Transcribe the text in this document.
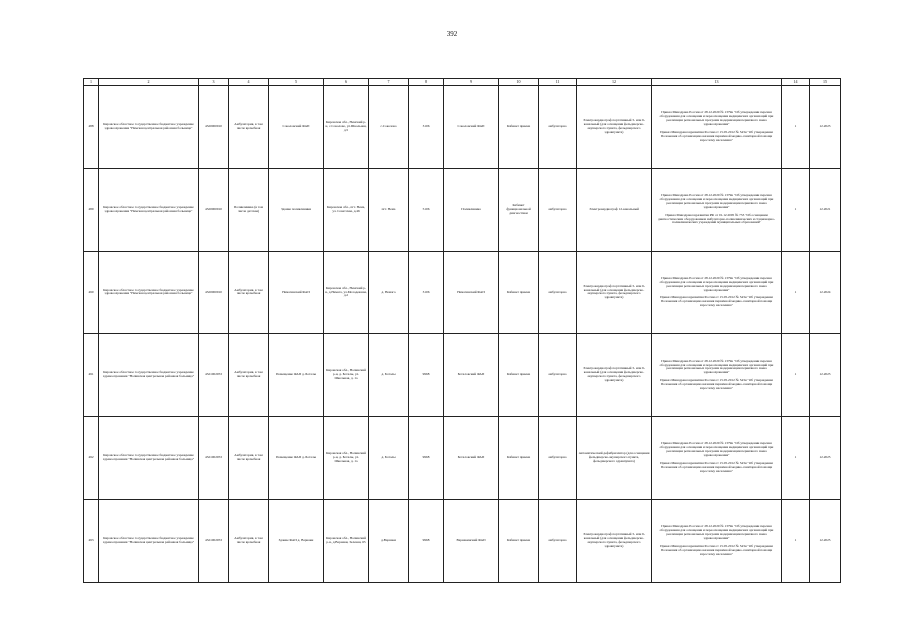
392
1	2	3	4	5	6	7	8	9	10	11	12	13	14	15
488	Кировское областное государственное бюджетное учреждение здравоохранения "Немская центральная районная больница"	4320000910	Амбулатория, в том числе врачебная	Соколовский ФАП	Кировская обл., Немский р-н, с.Соколово, ул.Школьная, д.5	с.Соколово	3106	Соколовский ФАП	Кабинет приема	амбулаторно	Электрокардиограф портативный 3- или 6-канальный (для оснащения фельдшерско-акушерского пункта, фельдшерского здравпункта)	Приказ Минздрава России от 28.12.2020 № 1379н "Об утверждении перечня оборудования для оснащения и переоснащения медицинских организаций при реализации региональных программ модернизации первичного звена здравоохранения"

Приказ Минздравсоцразвития России от 15.05.2012 № 543н "Об утверждении Положения об организации оказания первичной медико-санитарной помощи взрослому населению"	1	12.2023
489	Кировское областное государственное бюджетное учреждение здравоохранения "Немская центральная районная больница"	4320000910	Поликлиника (в том числе детская)	Здание поликлиники	Кировская обл., пгт. Нема, ул. Советская, д.46	пгт. Нема	5106	Поликлиника	Кабинет функциональной диагностики	амбулаторно	Электрокардиограф 12-канальный	Приказ Минздрава России от 28.12.2020 № 1379н "Об утверждении перечня оборудования для оснащения и переоснащения медицинских организаций при реализации региональных программ модернизации первичного звена здравоохранения"

Приказ Минздравсоцразвития РФ от 01.12.2005 № 753 "Об оснащении диагностическим оборудованием амбулаторно-поликлинических и стационарно-поликлинических учреждений муниципальных образований"	1	12.2021
490	Кировское областное государственное бюджетное учреждение здравоохранения "Немская центральная районная больница"	4320000910	Амбулатория, в том числе врачебная	Немагинский ФАП	Кировская обл., Немский р-н, д.Немага, ул.Молодежная, д.2	д. Немага	3106	Немагинский ФАП	Кабинет приема	амбулаторно	Электрокардиограф портативный 3- или 6-канальный (для оснащения фельдшерско-акушерского пункта, фельдшерского здравпункта)	Приказ Минздрава России от 28.12.2020 № 1379н "Об утверждении перечня оборудования для оснащения и переоснащения медицинских организаций при реализации региональных программ модернизации первичного звена здравоохранения"

Приказ Минздравсоцразвития России от 15.05.2012 № 543н "Об утверждении Положения об организации оказания первичной медико-санитарной помощи взрослому населению"	1	12.2024
491	Кировское областное государственное бюджетное учреждение здравоохранения "Нолинская центральная районная больница"	4321002053	Амбулатория, в том числе врачебная	Помещение ФАП д. Боталы	Кировская обл., Нолинский р-н, д. Боталы, ул. Школьная, д. 1а	д. Боталы	9968	Боталовский ФАП	Кабинет приема	амбулаторно	Электрокардиограф портативный 3- или 6-канальный (для оснащения фельдшерско-акушерского пункта, фельдшерского здравпункта)	Приказ Минздрава России от 28.12.2020 № 1379н "Об утверждении перечня оборудования для оснащения и переоснащения медицинских организаций при реализации региональных программ модернизации первичного звена здравоохранения"

Приказ Минздравсоцразвития России от 15.05.2012 № 543н "Об утверждении Положения об организации оказания первичной медико-санитарной помощи взрослому населению"	1	12.2023
492	Кировское областное государственное бюджетное учреждение здравоохранения "Нолинская центральная районная больница"	4321002053	Амбулатория, в том числе врачебная	Помещение ФАП д. Боталы	Кировская обл., Нолинский р-н, д. Боталы, ул. Школьная, д. 1а	д. Боталы	9968	Боталовский ФАП	Кабинет приема	амбулаторно	Автоматический дефибриллятор (для оснащения фельдшерско-акушерского пункта, фельдшерского здравпункта)	Приказ Минздрава России от 28.12.2020 № 1379н "Об утверждении перечня оборудования для оснащения и переоснащения медицинских организаций при реализации региональных программ модернизации первичного звена здравоохранения"

Приказ Минздравсоцразвития России от 15.05.2012 № 543н "Об утверждении Положения об организации оказания первичной медико-санитарной помощи взрослому населению"	1	12.2025
493	Кировское областное государственное бюджетное учреждение здравоохранения "Нолинская центральная районная больница"	4321002053	Амбулатория, в том числе врачебная	Здание ФАП д. Варнаки	Кировская обл., Нолинский р-н, д.Варнаки, Зеленая, 65	д.Варнаки	9968	Варнакинский ФАП	Кабинет приема	амбулаторно	Электрокардиограф портативный 3- или 6-канальный (для оснащения фельдшерско-акушерского пункта, фельдшерского здравпункта)	Приказ Минздрава России от 28.12.2020 № 1379н "Об утверждении перечня оборудования для оснащения и переоснащения медицинских организаций при реализации региональных программ модернизации первичного звена здравоохранения"

Приказ Минздравсоцразвития России от 15.05.2012 № 543н "Об утверждении Положения об организации оказания первичной медико-санитарной помощи взрослому населению"	1	12.2025
